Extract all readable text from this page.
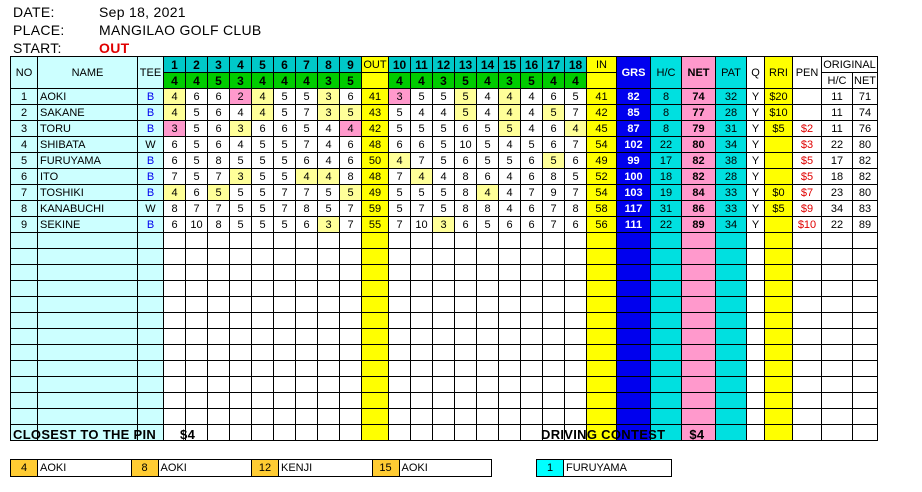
DATE:	Sep 18, 2021
PLACE: MANGILAO GOLF CLUB
START:	OUT
NO	NAME	TEE	1	2	3	4	5	6	7	8	9	OUT	10	11	12	13	14	15	16	17	18	IN	GRS	H/C	NET	PAT	Q	RRI	PEN	ORIGINAL	
			4	4	5	3	4	4	4	3	5		4	4	3	5	4	3	5	4	4									H/C	NET
1	AOKI	B	4	6	6	2	4	5	5	3	6	41	3	5	5	5	4	4	4	6	5	41	82	8	74	32	Y	$20		11	71
2	SAKANE	B	4	5	6	4	4	5	7	3	5	43	5	4	4	5	4	4	4	5	7	42	85	8	77	28	Y	$10		11	74
3	TORU	B	3	5	6	3	6	6	5	4	4	42	5	5	5	6	5	5	4	6	4	45	87	8	79	31	Y	$5	$2	11	76
4	SHIBATA	W	6	5	6	4	5	5	7	4	6	48	6	6	5	10	5	4	5	6	7	54	102	22	80	34	Y		$3	22	80
5	FURUYAMA	B	6	5	8	5	5	5	6	4	6	50	4	7	5	6	5	5	6	5	6	49	99	17	82	38	Y		$5	17	82
6	ITO	B	7	5	7	3	5	5	4	4	8	48	7	4	4	8	6	4	6	8	5	52	100	18	82	28	Y		$5	18	82
7	TOSHIKI	B	4	6	5	5	5	7	7	5	5	49	5	5	5	8	4	4	7	9	7	54	103	19	84	33	Y	$0	$7	23	80
8	KANABUCHI	W	8	7	7	5	5	7	8	5	7	59	5	7	5	8	8	4	6	7	8	58	117	31	86	33	Y	$5	$9	34	83
9	SEKINE	B	6	10	8	5	5	5	6	3	7	55	7	10	3	6	5	6	6	7	6	56	111	22	89	34	Y		$10	22	89

CLOSEST TO THE PIN $4	DRIVING CONTEST $4
4	AOKI	8	AOKI	12 KENJI	15 AOKI	1	FURUYAMA
